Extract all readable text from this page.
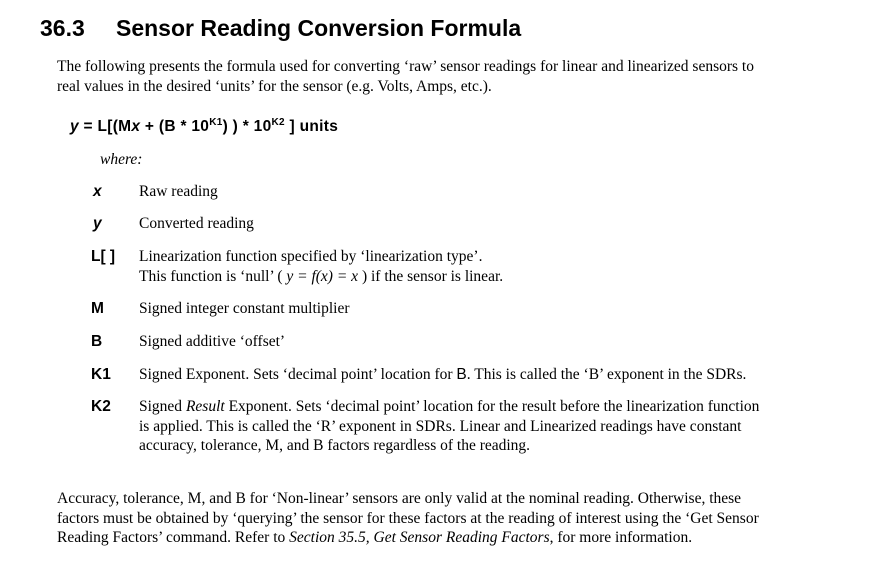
36.3 Sensor Reading Conversion Formula
The following presents the formula used for converting ‘raw’ sensor readings for linear and linearized sensors to
real values in the desired ‘units’ for the sensor (e.g. Volts, Amps, etc.).
$y = L[(Mx + (B * 10^{K1})$ ) * $10^{K2}$ ] units
where:
x Raw reading
y Converted reading
L[ ] Linearization function specified by ‘linearization type’.
This function is ‘null’ ( y = f(x) = x ) if the sensor is linear.
M Signed integer constant multiplier
B Signed additive ‘offset’
K1 Signed Exponent. Sets ‘decimal point’ location for B. This is called the ‘B’ exponent in the SDRs.
K2 Signed Result Exponent. Sets ‘decimal point’ location for the result before the linearization function
is applied. This is called the ‘R’ exponent in SDRs. Linear and Linearized readings have constant
accuracy, tolerance, M, and B factors regardless of the reading.
Accuracy, tolerance, M, and B for ‘Non-linear’ sensors are only valid at the nominal reading. Otherwise, these
factors must be obtained by ‘querying’ the sensor for these factors at the reading of interest using the ‘Get Sensor
Reading Factors’ command. Refer to Section 35.5, Get Sensor Reading Factors, for more information.
